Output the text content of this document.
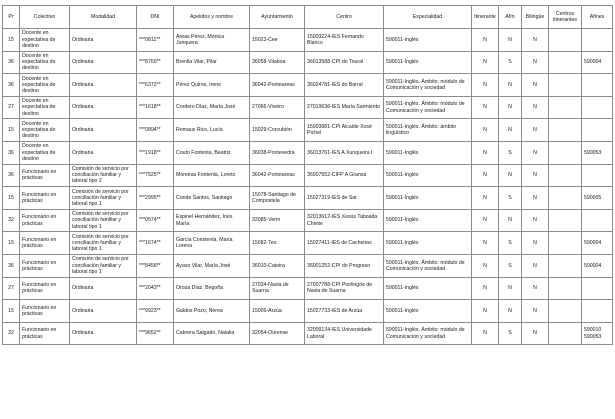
Pr	Colectivo	Modalidad	DNI	Apelidos y nombre	Ayuntamiento	Centro	Especialidad	Itinerante	Afín	Bilingüe	Centros itinerantes	Afines
15	Docente en expectativa de destino	Ordinaria	***0811**	Areas Pérez, Mónica Junquera	15023-Cee	15003224-IES Fernando Blanco	590011-Inglés	N	N	N		
36	Docente en expectativa de destino	Ordinaria	***8760**	Brenlla Vilar, Pilar	36058-Vilaboa	36013588-CPI do Toural	590011-Inglés	N	S	N		590004
36	Docente en expectativa de destino	Ordinaria	***6372**	Pérez Quiros, Irene	36042-Ponteareas	36024781-IES do Barral	590011-Inglés. Ámbito: módulo de Comunicación y sociedad	N	N	N		
27	Docente en expectativa de destino	Ordinaria	***1618**	Cordero Díaz, María José	27066-Viveiro	27019636-IES María Sarmiento	590011-Inglés. Ámbito: módulo de Comunicación y sociedad	N	N	N		
15	Docente en expectativa de destino	Ordinaria	***0894**	Romaus Rico, Lucía	15029-Corcubión	15003881-CPI Alcalde Xosé Pichel	590011-Inglés. Ámbito: ámbito lingüístico	N	N	N		
36	Docente en expectativa de destino	Ordinaria	***1918**	Couto Fontenla, Beatriz	36038-Pontevedra	36013761-IES A Xunqueira I	590011-Inglés	N	S	N		590053
36	Funcionario en prácticas	Comisión de servicio por conciliación familiar y laboral tipo 2	***7525**	Moreiras Fontenla, Loreto	36042-Ponteareas	36007552-CIFP A Granxa	590011-Inglés	N	N	N		
15	Funcionario en prácticas	Comisión de servicio por conciliación familiar y laboral tipo 1	***2995**	Conde Santos, Santiago	15078-Santiago de Compostela	15027319-IES de Sar	590011-Inglés	N	S	N		590005
32	Funcionario en prácticas	Comisión de servicio por conciliación familiar y laboral tipo 1	***0574**	Espinel Hernández, Inés María	32085-Verín	32013612-IES Xesús Taboada Chivite	590011-Inglés	N	N	N		
15	Funcionario en prácticas	Comisión de servicio por conciliación familiar y laboral tipo 1	***1674**	García Constenla, María Lorena	15082-Teo	15027411-IES de Cacheiras	590011-Inglés	N	S	N		590004
36	Funcionario en prácticas	Comisión de servicio por conciliación familiar y laboral tipo 1	***8458**	Ayaso Vilar, María José	36010-Catoira	36001252-CPI do Progreso	590011-Inglés. Ámbito: módulo de Comunicación y sociedad	N	S	N		590004
27	Funcionario en prácticas	Ordinaria	***2043**	Oroza Díaz, Begoña	27034-Navia de Suarna	27007788-CPI Piorlingöe de Navia de Suarna	590011-Inglés	N	N	N		
15	Funcionario en prácticas	Ordinaria	***9923**	Galdos Pozo, Nerea	15006-Arzúa	15027733-IES de Arzúa	590011-Inglés	N	N	N		
32	Funcionario en prácticas	Ordinaria	***9652**	Cabrera Salgado, Natalia	32054-Ourense	32009134-IES Universidade Laboral	590011-Inglés. Ámbito: módulo de Comunicación y sociedad	N	S	N		590010 590053
